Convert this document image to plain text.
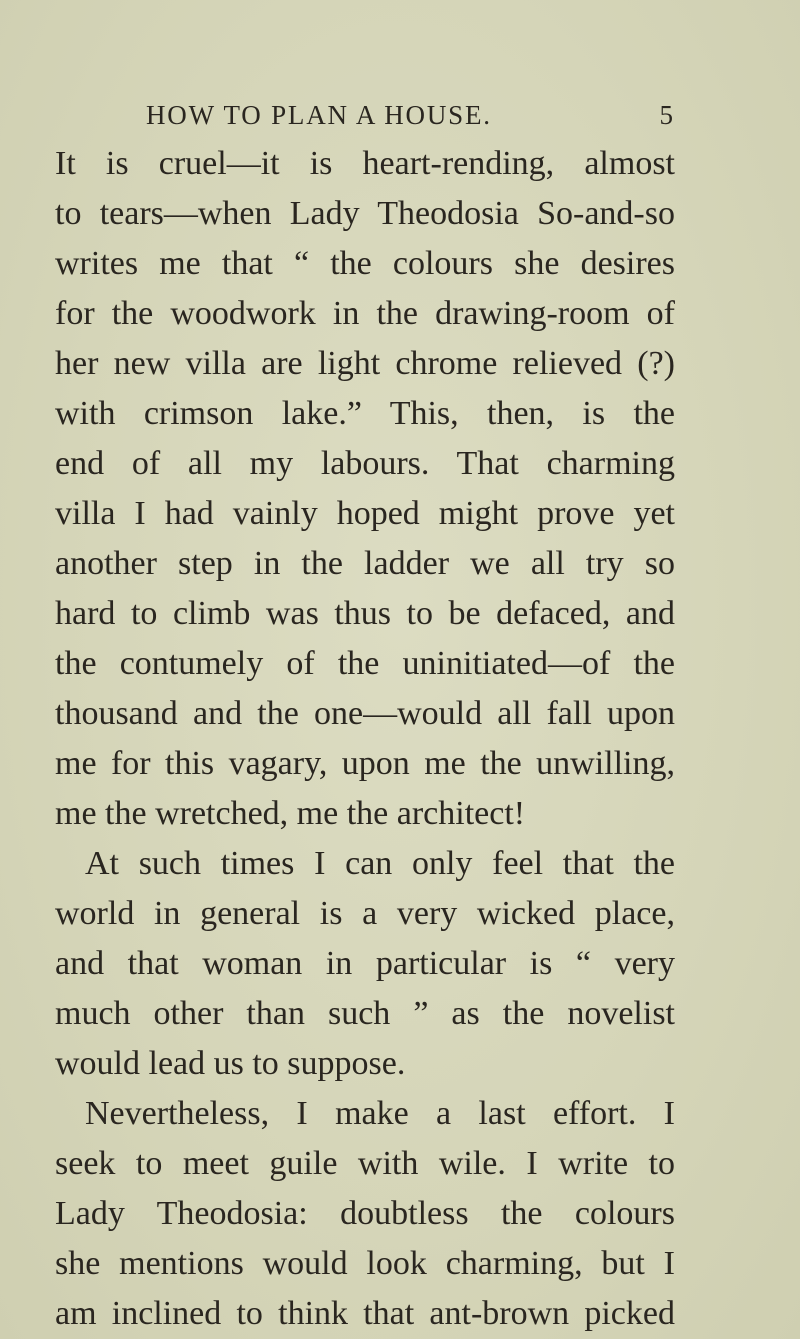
HOW TO PLAN A HOUSE.	5
It is cruel—it is heart-rending, almost
to tears—when Lady Theodosia So-and-so
writes me that “ the colours she desires
for the woodwork in the drawing-room of
her new villa are light chrome relieved (?)
with crimson lake.” This, then, is the
end of all my labours. That charming
villa I had vainly hoped might prove yet
another step in the ladder we all try so
hard to climb was thus to be defaced, and
the contumely of the uninitiated—of the
thousand and the one—would all fall upon
me for this vagary, upon me the unwilling,
me the wretched, me the architect!
At such times I can only feel that the
world in general is a very wicked place,
and that woman in particular is “ very
much other than such ” as the novelist
would lead us to suppose.
Nevertheless, I make a last effort. I
seek to meet guile with wile. I write to
Lady Theodosia: doubtless the colours
she mentions would look charming, but I
am inclined to think that ant-brown picked
